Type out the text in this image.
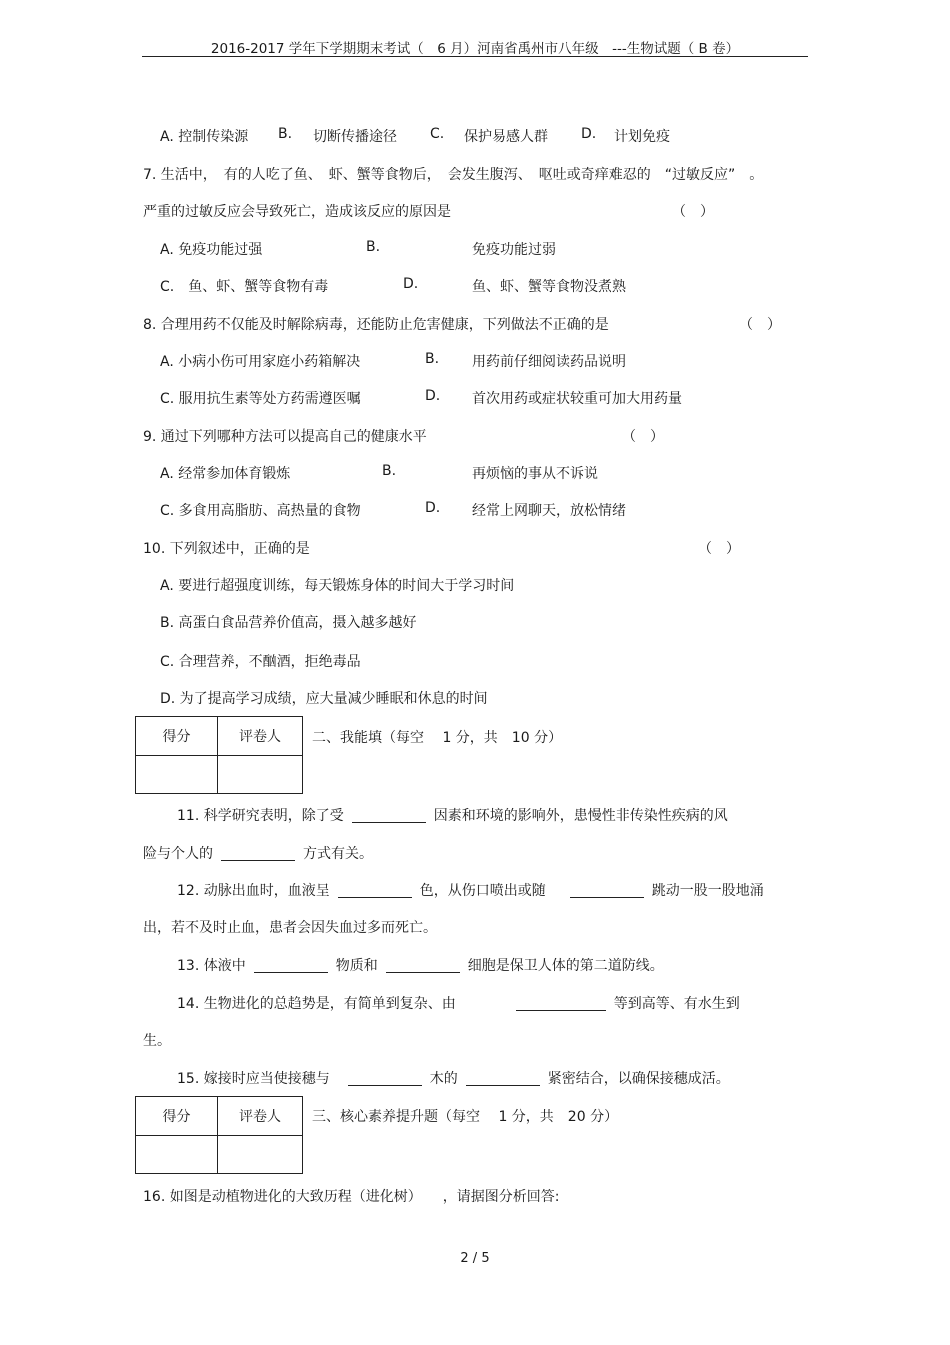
2016-2017 学年下学期期末考试（　6 月）河南省禹州市八年级　---生物试题（ B 卷）
A. 控制传染源 B. 切断传播途径 C. 保护易感人群 D. 计划免疫
7. 生活中，　有的人吃了鱼、　虾、蟹等食物后，　会发生腹泻、　呕吐或奇痒难忍的　“过敏反应”　。
严重的过敏反应会导致死亡，造成该反应的原因是	（　）
A. 免疫功能过强	B.	免疫功能过弱
C.　鱼、虾、蟹等食物有毒	D.	鱼、虾、蟹等食物没煮熟
8. 合理用药不仅能及时解除病毒，还能防止危害健康，下列做法不正确的是	（　）
A. 小病小伤可用家庭小药箱解决	B. 用药前仔细阅读药品说明
C. 服用抗生素等处方药需遵医嘱	D. 首次用药或症状较重可加大用药量
9. 通过下列哪种方法可以提高自己的健康水平	（　）
A. 经常参加体育锻炼	B.	再烦恼的事从不诉说
C. 多食用高脂肪、高热量的食物	D. 经常上网聊天，放松情绪
10. 下列叙述中，正确的是	（　）
A. 要进行超强度训练，每天锻炼身体的时间大于学习时间
B. 高蛋白食品营养价值高，摄入越多越好
C. 合理营养，不酗酒，拒绝毒品
D. 为了提高学习成绩，应大量减少睡眠和休息的时间
得分	评卷人
	二、我能填（每空　 1 分，共　10 分）
11. 科学研究表明，除了受	因素和环境的影响外，患慢性非传染性疾病的风
险与个人的	方式有关。
12. 动脉出血时，血液呈	色，从伤口喷出或随	跳动一股一股地涌
出，若不及时止血，患者会因失血过多而死亡。
13. 体液中	物质和	细胞是保卫人体的第二道防线。
14. 生物进化的总趋势是，有简单到复杂、由	等到高等、有水生到
生。
15. 嫁接时应当使接穗与	木的	紧密结合，以确保接穗成活。
得分	评卷人
	三、核心素养提升题（每空　 1 分，共　20 分）
16. 如图是动植物进化的大致历程（进化树）　　，请据图分析回答:
2 / 5
